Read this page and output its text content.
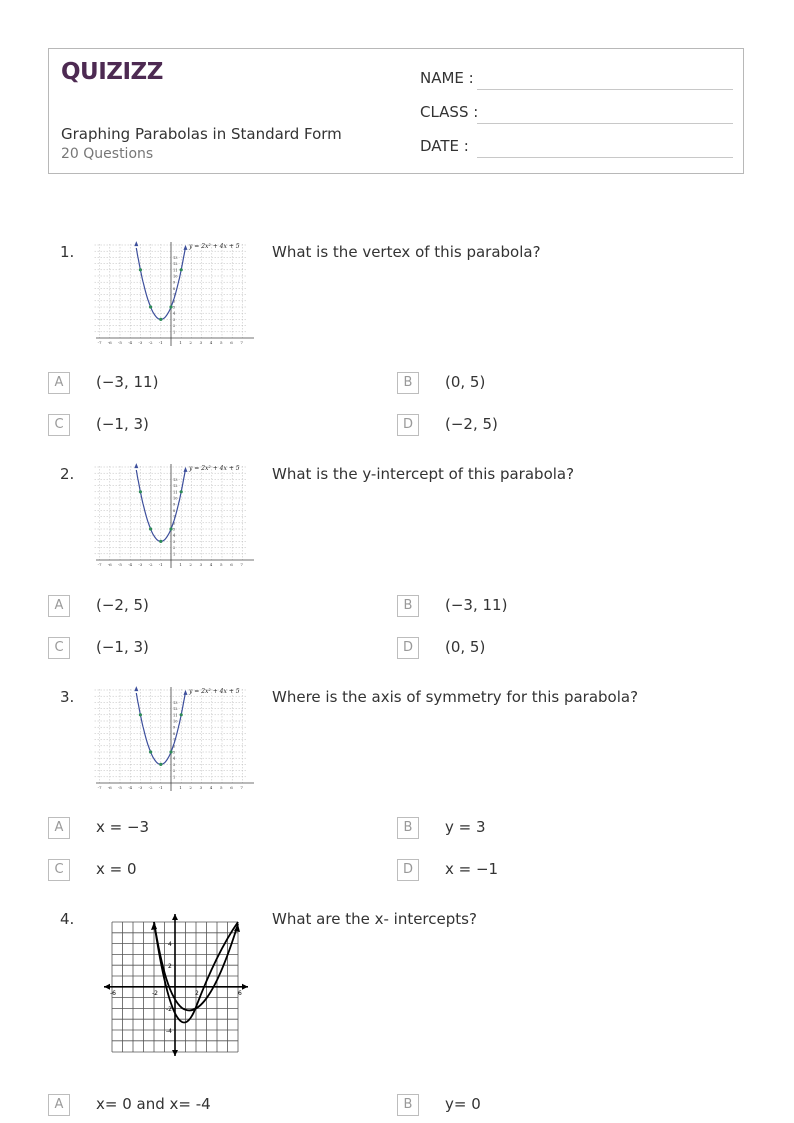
QUIZIZZ
Graphing Parabolas in Standard Form
20 Questions
NAME :
CLASS :
DATE :
1.
-7 -6 -5 -4 -3 -2 -1	1 2 3 4 5 6 7
1
2
3
4
5
6
7
8
9
10
11
12
13
y = 2x² + 4x + 5 What is the vertex of this parabola?
A	(−3, 11)	B	(0, 5)
C	(−1, 3)	D	(−2, 5)
2.
-7 -6 -5 -4 -3 -2 -1	1 2 3 4 5 6 7
1
2
3
4
5
6
7
8
9
10
11
12
13
y = 2x² + 4x + 5 What is the y-intercept of this parabola?
A	(−2, 5)	B	(−3, 11)
C	(−1, 3)	D	(0, 5)
3.
-7 -6 -5 -4 -3 -2 -1	1 2 3 4 5 6 7
1
2
3
4
5
6
7
8
9
10
11
12
13
y = 2x² + 4x + 5 Where is the axis of symmetry for this parabola?
A	x = −3	B	y = 3
C	x = 0	D	x = −1
4.
4
2
-2
-4
-6	-2	2	6
What are the x- intercepts?
A	x= 0 and x= -4	B	y= 0
